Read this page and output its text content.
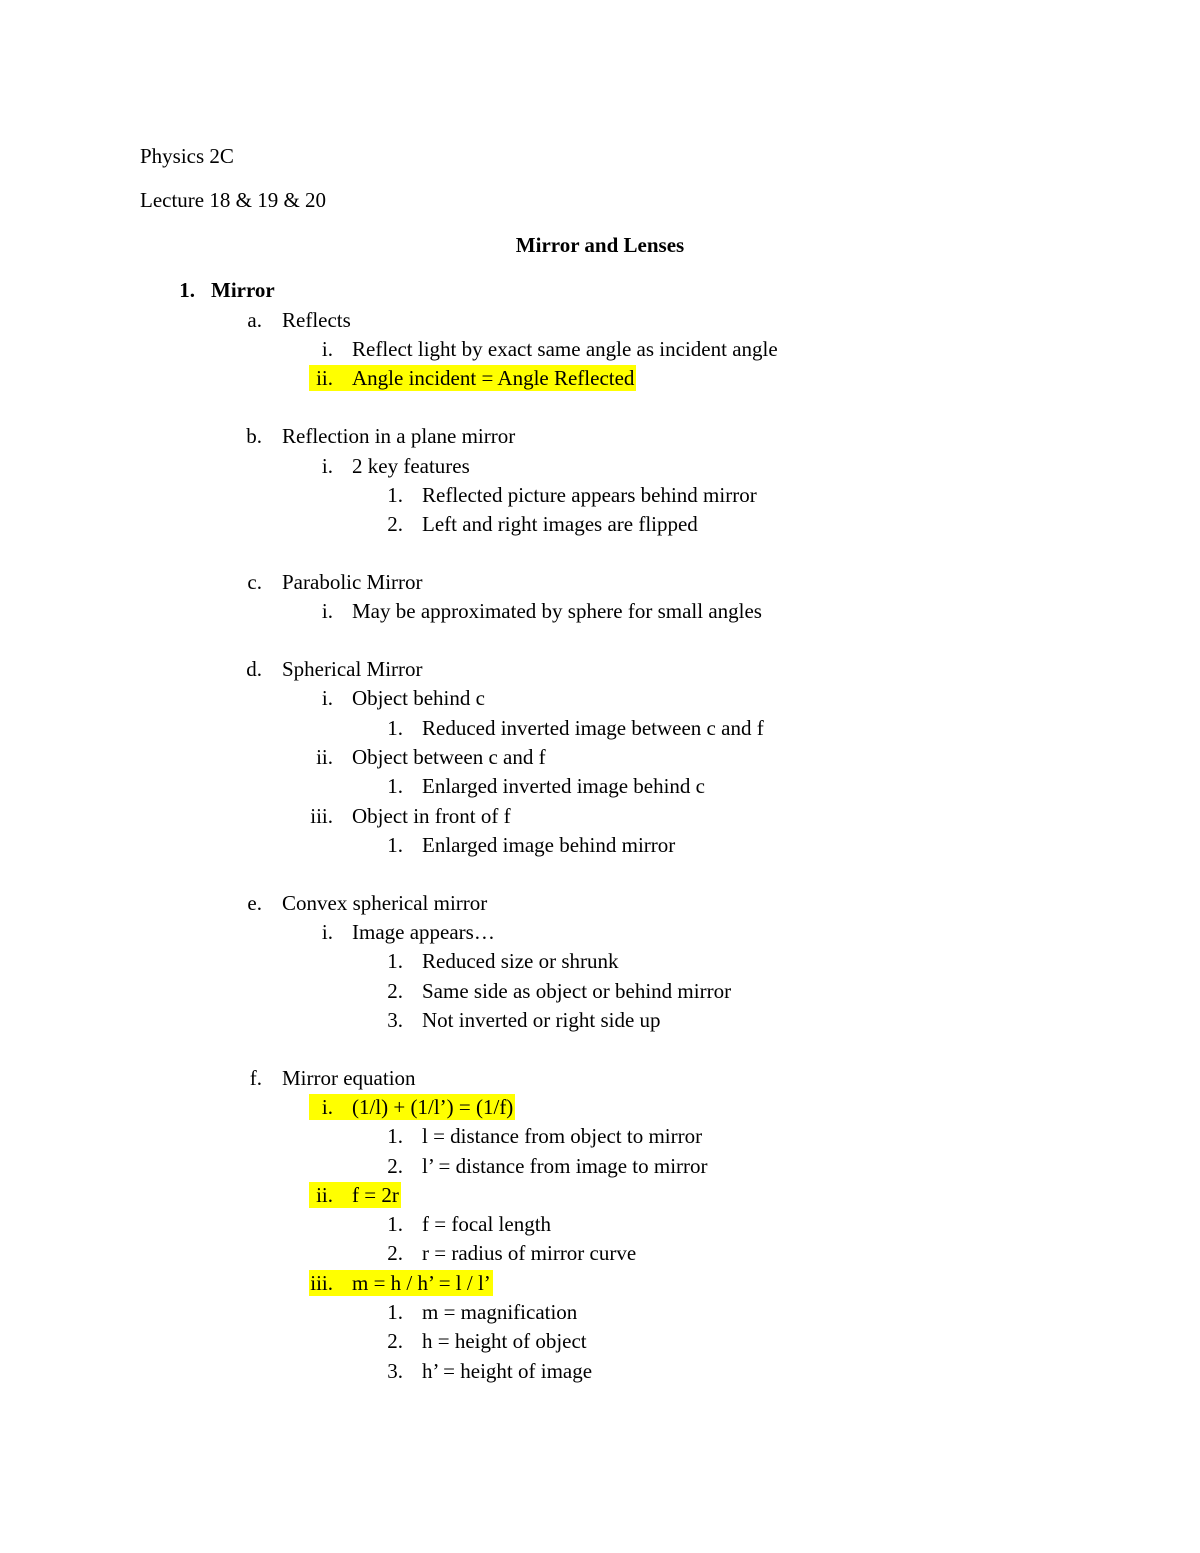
Physics 2C
Lecture 18 & 19 & 20
Mirror and Lenses
1. Mirror
a. Reflects
i. Reflect light by exact same angle as incident angle
ii. Angle incident = Angle Reflected
b. Reflection in a plane mirror
i. 2 key features
1. Reflected picture appears behind mirror
2. Left and right images are flipped
c. Parabolic Mirror
i. May be approximated by sphere for small angles
d. Spherical Mirror
i. Object behind c
1. Reduced inverted image between c and f
ii. Object between c and f
1. Enlarged inverted image behind c
iii. Object in front of f
1. Enlarged image behind mirror
e. Convex spherical mirror
i. Image appears…
1. Reduced size or shrunk
2. Same side as object or behind mirror
3. Not inverted or right side up
f. Mirror equation
i. (1/l) + (1/l’) = (1/f)
1. l = distance from object to mirror
2. l’ = distance from image to mirror
ii. f = 2r
1. f = focal length
2. r = radius of mirror curve
iii. m = h / h’ = l / l’
1. m = magnification
2. h = height of object
3. h’ = height of image
